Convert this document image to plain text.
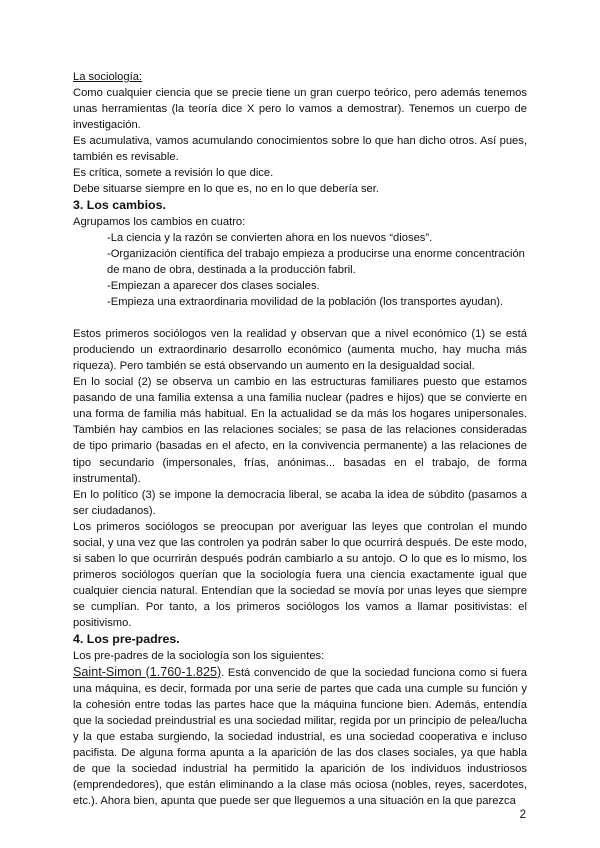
La sociología:

Como cualquier ciencia que se precie tiene un gran cuerpo teórico, pero además tenemos unas herramientas (la teoría dice X pero lo vamos a demostrar). Tenemos un cuerpo de investigación.

Es acumulativa, vamos acumulando conocimientos sobre lo que han dicho otros. Así pues, también es revisable.

Es crítica, somete a revisión lo que dice.

Debe situarse siempre en lo que es, no en lo que debería ser.

3. Los cambios.

Agrupamos los cambios en cuatro:

-La ciencia y la razón se convierten ahora en los nuevos “dioses”.

-Organización científica del trabajo empieza a producirse una enorme concentración de mano de obra, destinada a la producción fabril.

-Empiezan a aparecer dos clases sociales.

-Empieza una extraordinaria movilidad de la población (los transportes ayudan).

Estos primeros sociólogos ven la realidad y observan que a nivel económico (1) se está produciendo un extraordinario desarrollo económico (aumenta mucho, hay mucha más riqueza). Pero también se está observando un aumento en la desigualdad social.

En lo social (2) se observa un cambio en las estructuras familiares puesto que estamos pasando de una familia extensa a una familia nuclear (padres e hijos) que se convierte en una forma de familia más habitual. En la actualidad se da más los hogares unipersonales. También hay cambios en las relaciones sociales; se pasa de las relaciones consideradas de tipo primario (basadas en el afecto, en la convivencia permanente) a las relaciones de tipo secundario (impersonales, frías, anónimas... basadas en el trabajo, de forma instrumental).

En lo político (3) se impone la democracia liberal, se acaba la idea de súbdito (pasamos a ser ciudadanos).

Los primeros sociólogos se preocupan por averiguar las leyes que controlan el mundo social, y una vez que las controlen ya podrán saber lo que ocurrirá después. De este modo, si saben lo que ocurrirán después podrán cambiarlo a su antojo. O lo que es lo mismo, los primeros sociólogos querían que la sociología fuera una ciencia exactamente igual que cualquier ciencia natural. Entendían que la sociedad se movía por unas leyes que siempre se cumplían. Por tanto, a los primeros sociólogos los vamos a llamar positivistas: el positivismo.

4. Los pre-padres.

Los pre-padres de la sociología son los siguientes:

Saint-Simon (1.760-1.825). Está convencido de que la sociedad funciona como si fuera una máquina, es decir, formada por una serie de partes que cada una cumple su función y la cohesión entre todas las partes hace que la máquina funcione bien. Además, entendía que la sociedad preindustrial es una sociedad militar, regida por un principio de pelea/lucha y la que estaba surgiendo, la sociedad industrial, es una sociedad cooperativa e incluso pacifista. De alguna forma apunta a la aparición de las dos clases sociales, ya que habla de que la sociedad industrial ha permitido la aparición de los individuos industriosos (emprendedores), que están eliminando a la clase más ociosa (nobles, reyes, sacerdotes, etc.). Ahora bien, apunta que puede ser que lleguemos a una situación en la que parezca

2
